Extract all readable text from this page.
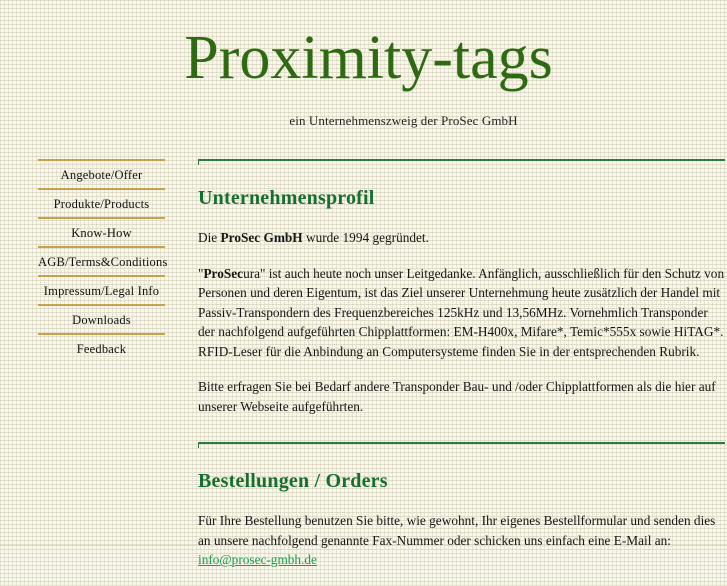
Proximity-tags
ein Unternehmenszweig der ProSec GmbH
Angebote/Offer
Produkte/Products
Know-How
AGB/Terms&Conditions
Impressum/Legal Info
Downloads
Feedback
Unternehmensprofil

Die ProSec GmbH wurde 1994 gegründet.

"ProSecura" ist auch heute noch unser Leitgedanke. Anfänglich, ausschließlich für den Schutz von Personen und deren Eigentum, ist das Ziel unserer Unternehmung heute zusätzlich der Handel mit Passiv-Transpondern des Frequenzbereiches 125kHz und 13,56MHz. Vornehmlich Transponder der nachfolgend aufgeführten Chipplattformen: EM-H400x, Mifare*, Temic*555x sowie HiTAG*.

RFID-Leser für die Anbindung an Computersysteme finden Sie in der entsprechenden Rubrik.

Bitte erfragen Sie bei Bedarf andere Transponder Bau- und /oder Chipplattformen als die hier auf unserer Webseite aufgeführten.

Bestellungen / Orders

Für Ihre Bestellung benutzen Sie bitte, wie gewohnt, Ihr eigenes Bestellformular und senden dies an unsere nachfolgend genannte Fax-Nummer oder schicken uns einfach eine E-Mail an: info@prosec-gmbh.de
